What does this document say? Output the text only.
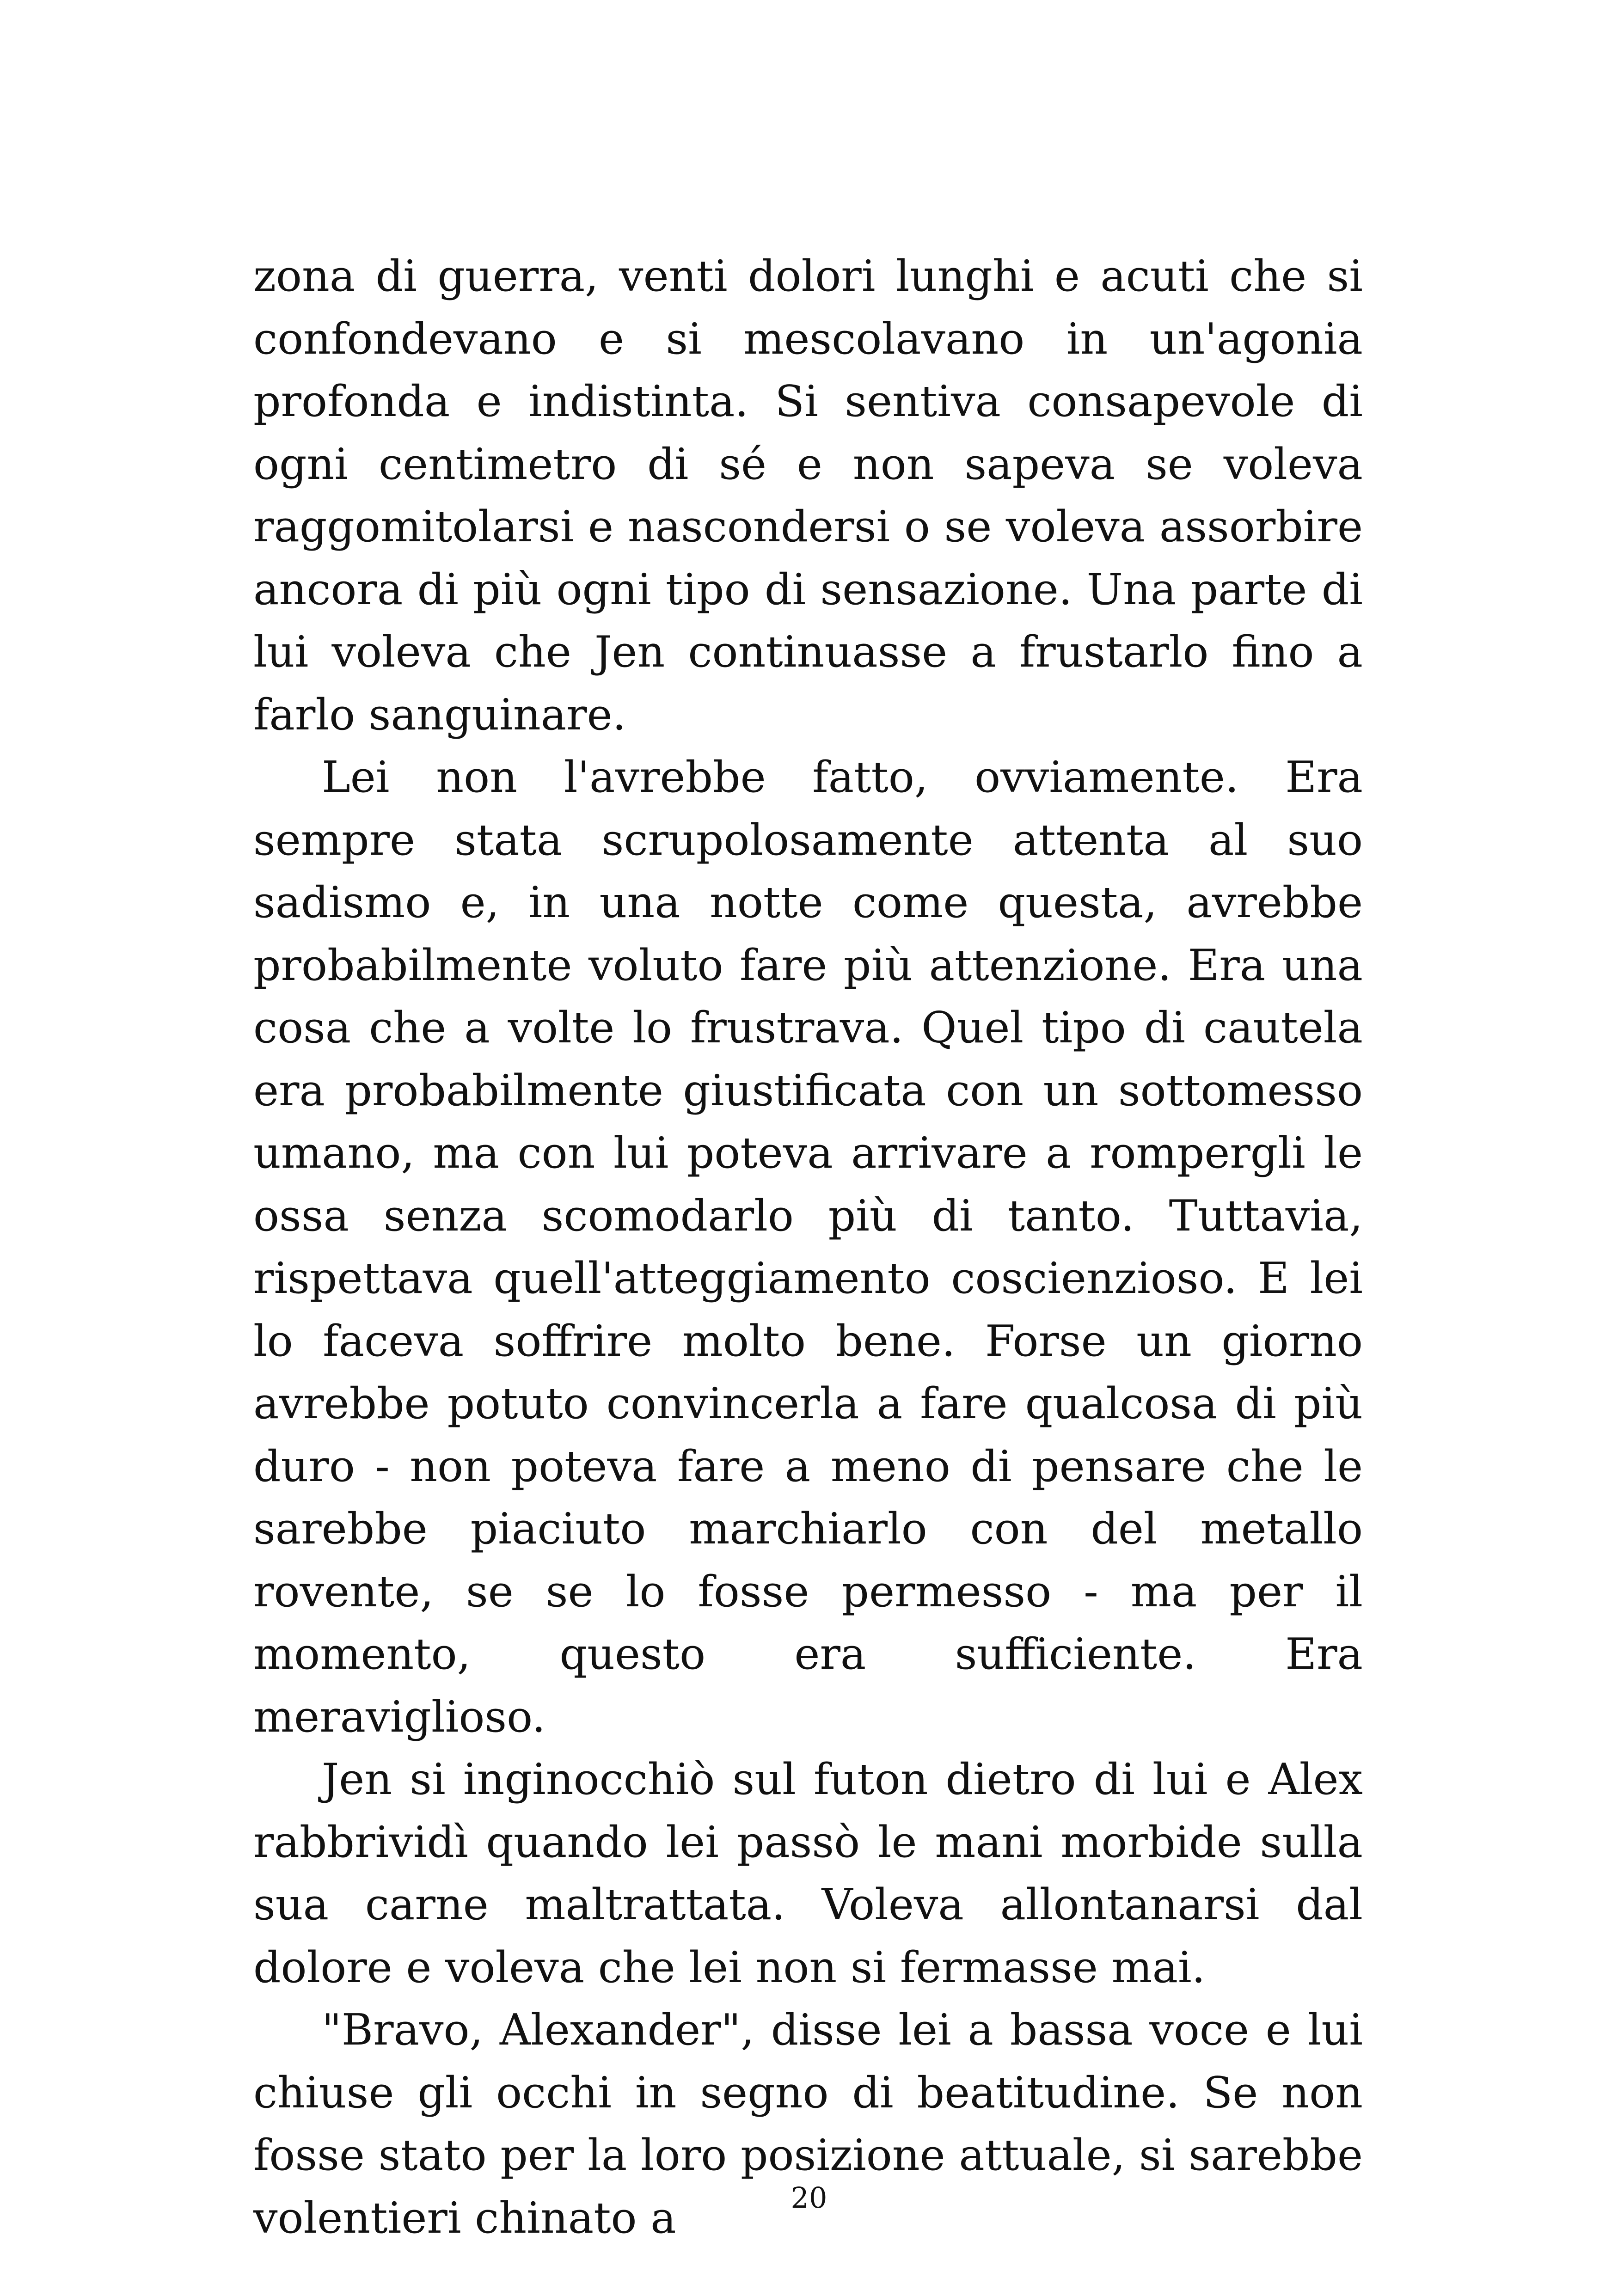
zona di guerra, venti dolori lunghi e acuti che si confondevano e si mescolavano in un'agonia profonda e indistinta. Si sentiva consapevole di ogni centimetro di sé e non sapeva se voleva raggomitolarsi e nascondersi o se voleva assorbire ancora di più ogni tipo di sensazione. Una parte di lui voleva che Jen continuasse a frustarlo fino a farlo sanguinare.

Lei non l'avrebbe fatto, ovviamente. Era sempre stata scrupolosamente attenta al suo sadismo e, in una notte come questa, avrebbe probabilmente voluto fare più attenzione. Era una cosa che a volte lo frustrava. Quel tipo di cautela era probabilmente giustificata con un sottomesso umano, ma con lui poteva arrivare a rompergli le ossa senza scomodarlo più di tanto. Tuttavia, rispettava quell'atteggiamento coscienzioso. E lei lo faceva soffrire molto bene. Forse un giorno avrebbe potuto convincerla a fare qualcosa di più duro - non poteva fare a meno di pensare che le sarebbe piaciuto marchiarlo con del metallo rovente, se se lo fosse permesso - ma per il momento, questo era sufficiente. Era meraviglioso.

Jen si inginocchiò sul futon dietro di lui e Alex rabbrividì quando lei passò le mani morbide sulla sua carne maltrattata. Voleva allontanarsi dal dolore e voleva che lei non si fermasse mai.

"Bravo, Alexander", disse lei a bassa voce e lui chiuse gli occhi in segno di beatitudine. Se non fosse stato per la loro posizione attuale, si sarebbe volentieri chinato a	20
